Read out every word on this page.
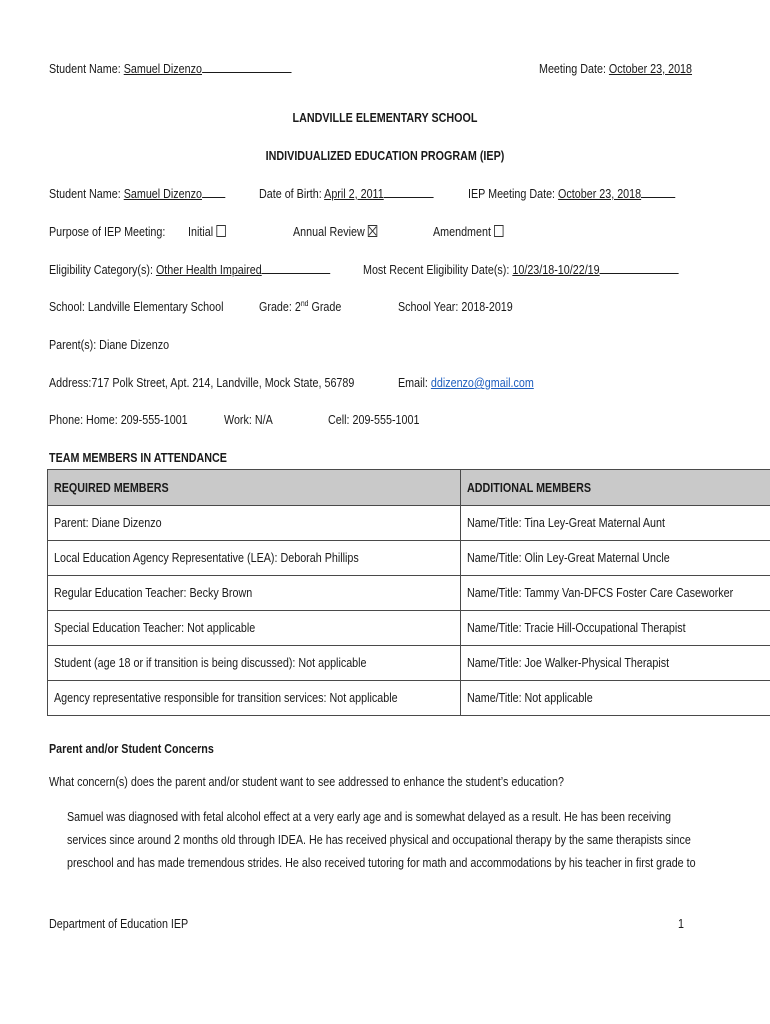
Student Name: Samuel Dizenzo	Meeting Date: October 23, 2018
LANDVILLE ELEMENTARY SCHOOL
INDIVIDUALIZED EDUCATION PROGRAM (IEP)
Student Name: Samuel Dizenzo	Date of Birth: April 2, 2011	IEP Meeting Date: October 23, 2018
Purpose of IEP Meeting: Initial	Annual Review	Amendment
Eligibility Category(s): Other Health Impaired	Most Recent Eligibility Date(s): 10/23/18-10/22/19
School: Landville Elementary School	Grade: 2nd Grade	School Year: 2018-2019
Parent(s): Diane Dizenzo
Address:717 Polk Street, Apt. 214, Landville, Mock State, 56789	Email: ddizenzo@gmail.com
Phone: Home: 209-555-1001	Work: N/A	Cell: 209-555-1001
TEAM MEMBERS IN ATTENDANCE
REQUIRED MEMBERS	ADDITIONAL MEMBERS
Parent: Diane Dizenzo	Name/Title: Tina Ley-Great Maternal Aunt
Local Education Agency Representative (LEA): Deborah Phillips	Name/Title: Olin Ley-Great Maternal Uncle
Regular Education Teacher: Becky Brown	Name/Title: Tammy Van-DFCS Foster Care Caseworker
Special Education Teacher: Not applicable	Name/Title: Tracie Hill-Occupational Therapist
Student (age 18 or if transition is being discussed): Not applicable	Name/Title: Joe Walker-Physical Therapist
Agency representative responsible for transition services: Not applicable	Name/Title: Not applicable
Parent and/or Student Concerns
What concern(s) does the parent and/or student want to see addressed to enhance the student’s education?
Samuel was diagnosed with fetal alcohol effect at a very early age and is somewhat delayed as a result. He has been receiving
services since around 2 months old through IDEA. He has received physical and occupational therapy by the same therapists since
preschool and has made tremendous strides. He also received tutoring for math and accommodations by his teacher in first grade to
Department of Education IEP	1
